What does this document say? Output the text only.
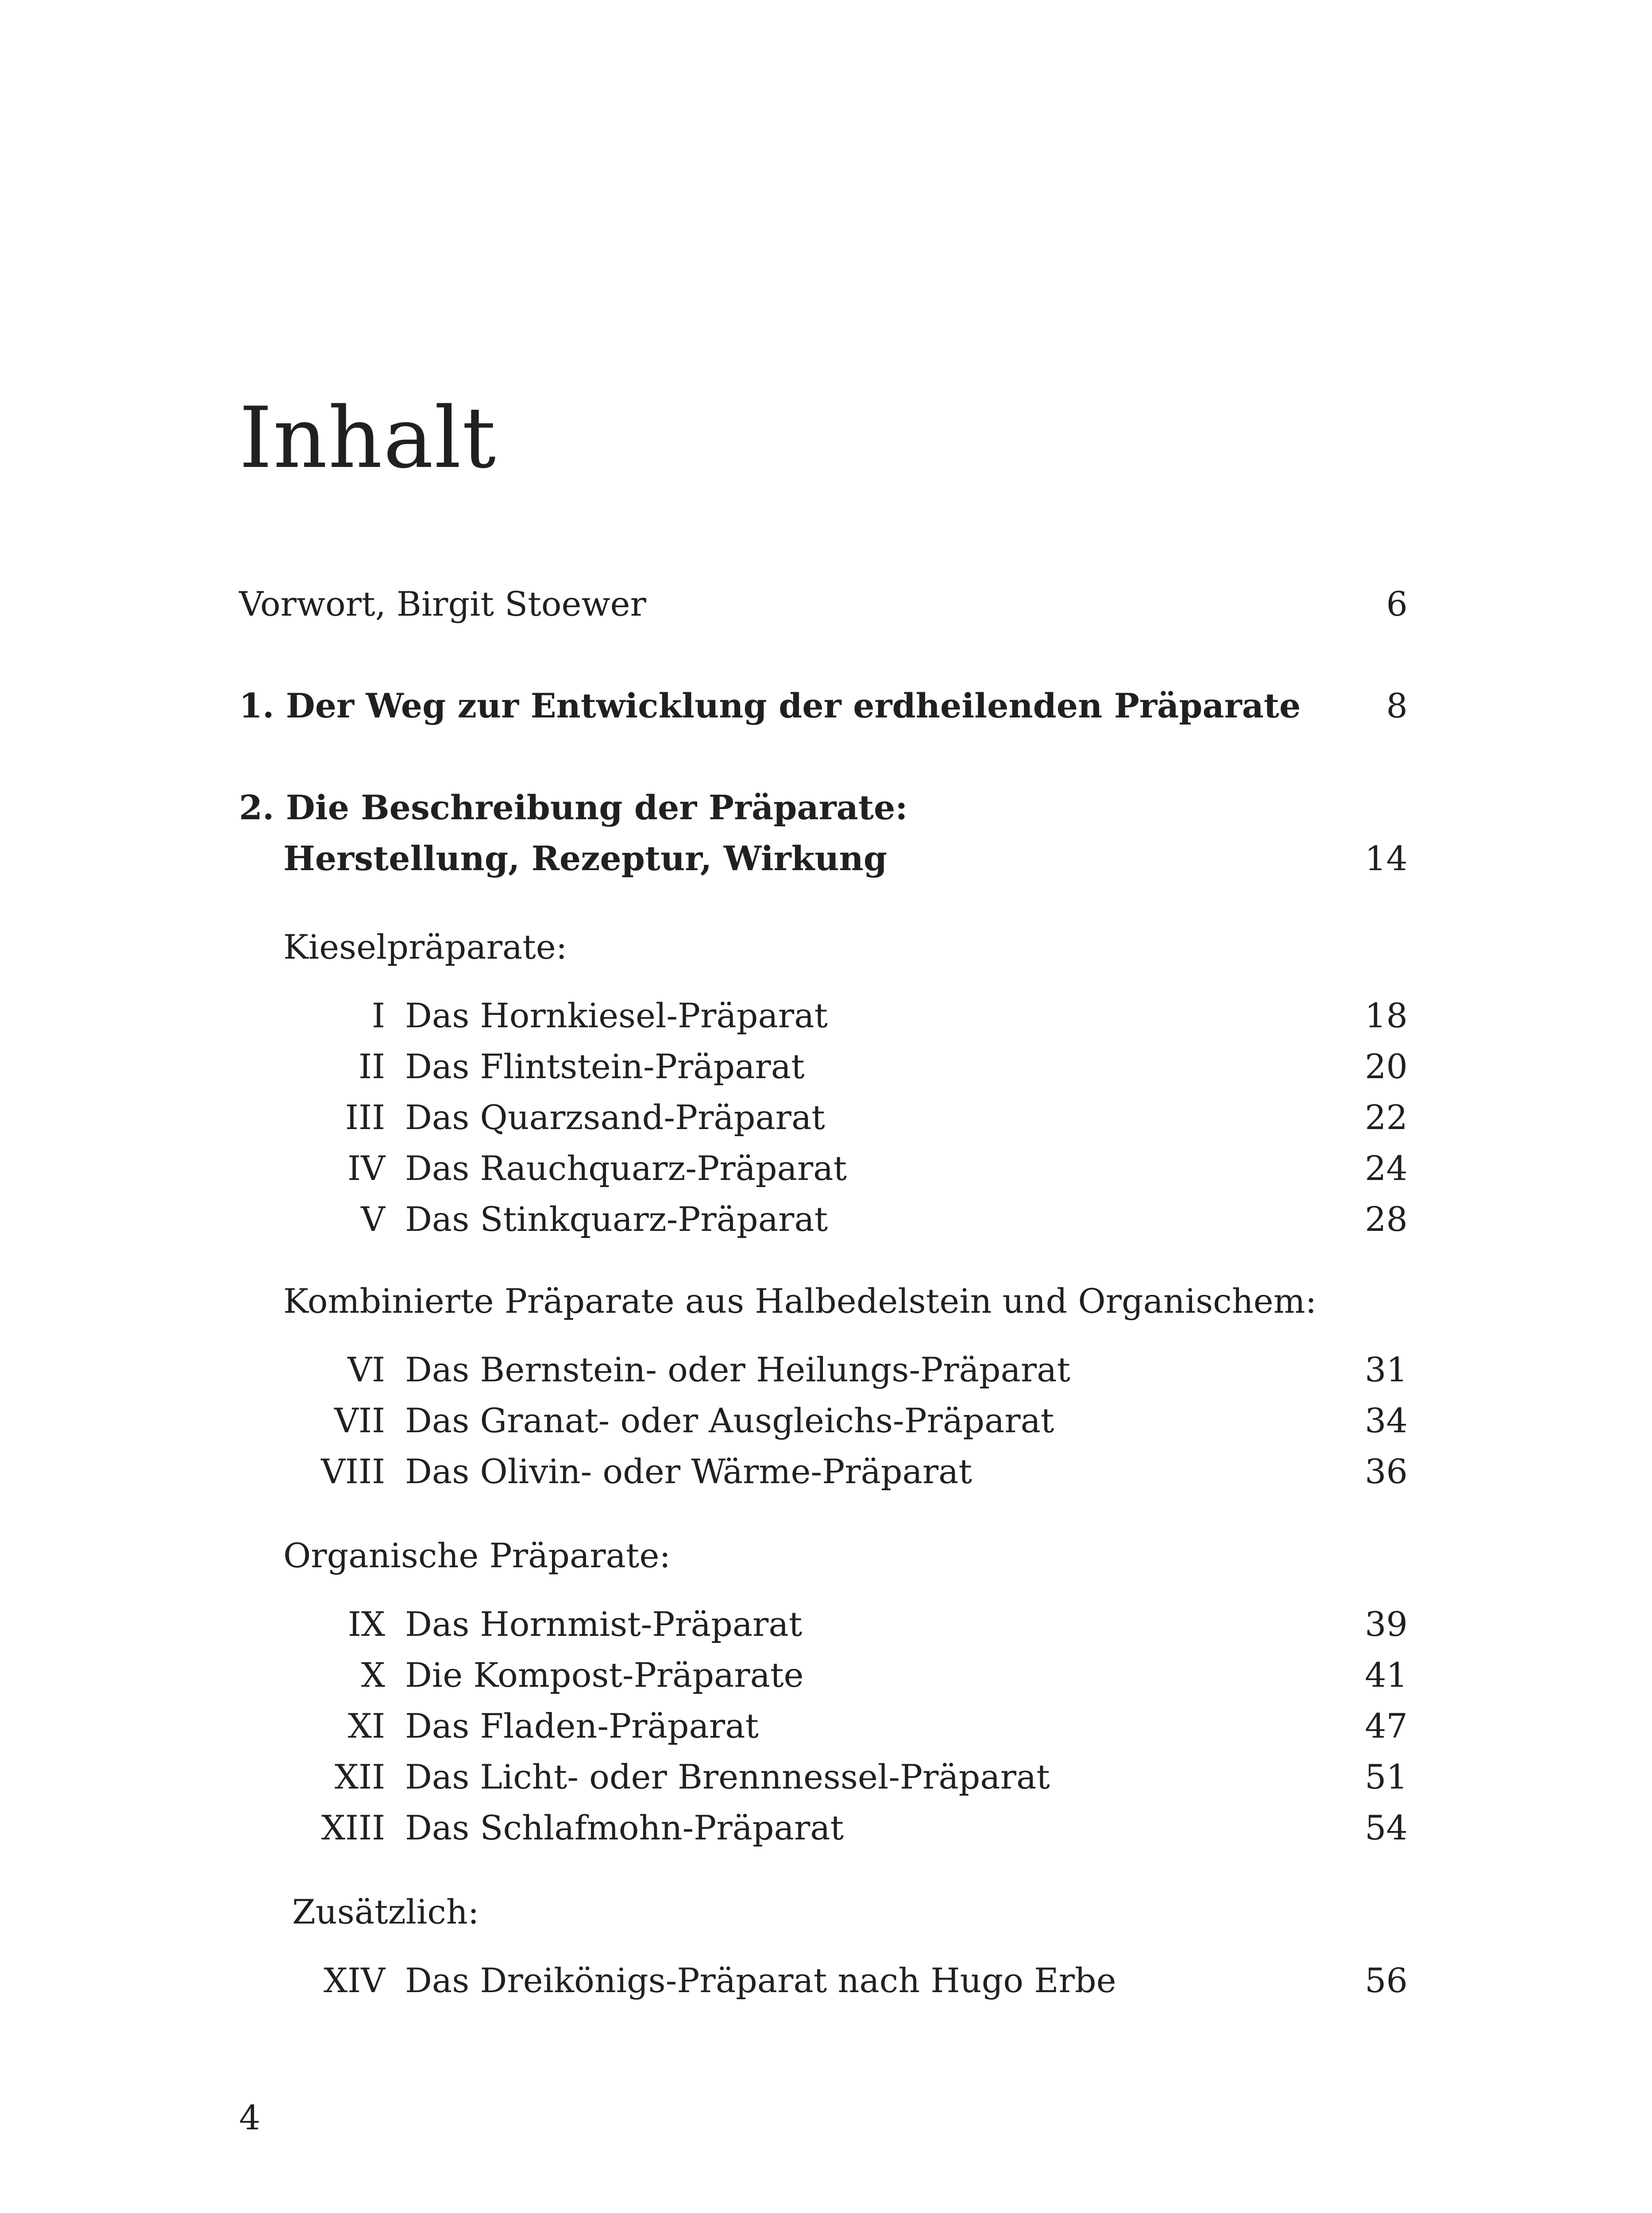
Inhalt
Vorwort, Birgit Stoewer	6
1. Der Weg zur Entwicklung der erdheilenden Präparate	8
2. Die Beschreibung der Präparate:
Herstellung, Rezeptur, Wirkung	14
Kieselpräparate:
I Das Hornkiesel-Präparat	18
II Das Flintstein-Präparat	20
III Das Quarzsand-Präparat	22
IV Das Rauchquarz-Präparat	24
V Das Stinkquarz-Präparat	28
Kombinierte Präparate aus Halbedelstein und Organischem:
VI Das Bernstein- oder Heilungs-Präparat	31
VII Das Granat- oder Ausgleichs-Präparat	34
VIII Das Olivin- oder Wärme-Präparat	36
Organische Präparate:
IX Das Hornmist-Präparat	39
X Die Kompost-Präparate	41
XI Das Fladen-Präparat	47
XII Das Licht- oder Brennnessel-Präparat	51
XIII Das Schlafmohn-Präparat	54
Zusätzlich:
XIV Das Dreikönigs-Präparat nach Hugo Erbe	56
4
